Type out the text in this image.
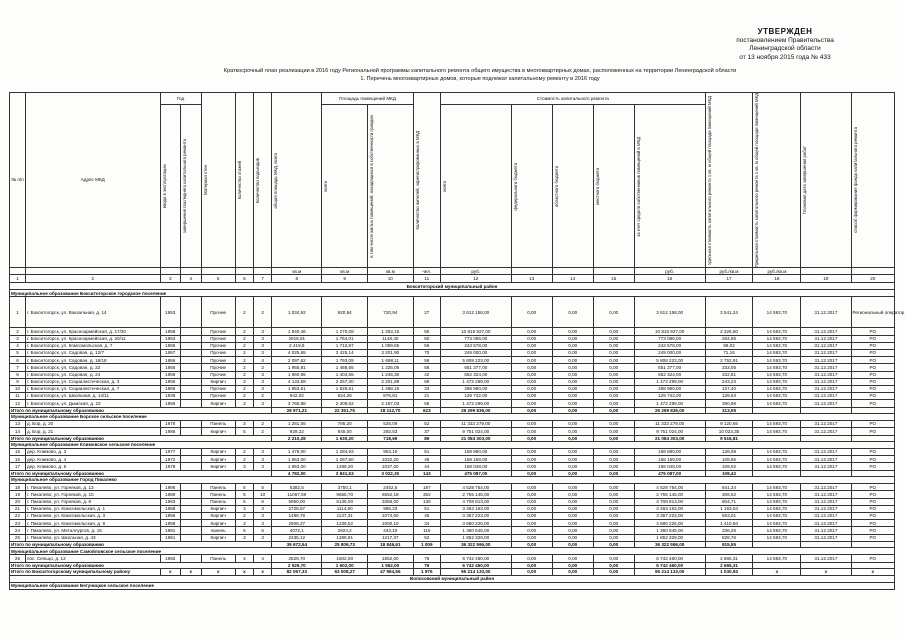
УТВЕРЖДЕН
постановлением Правительства
Ленинградской области
от 13 ноября 2015 года № 433
Краткосрочный план реализации в 2016 году Региональной программы капитального ремонта общего имущества в многоквартирных домах, расположенных на территории Ленинградской области
1. Перечень многоквартирных домов, которые подлежат капитальному ремонту в 2016 году
№ п/п	Адрес МКД	Год		Материал стен	Количество этажей	Количество подъездов	общая площадь МКД, всего	Площадь помещений МКД		Количество жителей, зарегистрированных в МКД	Стоимость капитального ремонта					Удельная стоимость капитального ремонта 1 кв. м общей площади помещений МКД	Предельная стоимость капитального ремонта 1 кв. м общей площади помещений МКД	Плановая дата завершения работ	способ формирования фонда капитального ремонта

		ввода в эксплуатацию	завершения последнего капитального ремонта					всего	в том числе жилых помещений, находящихся в собственности граждан		всего	федерального бюджета	областного бюджета	местного бюджета	за счет средств собственников помещений в МКД				

							кв.м	кв.м	кв.м	чел.	руб.				руб.	руб./кв.м	руб./кв.м		
1	2	3	4	5	6	7	8	9	10	11	12	13	14	15	16	17	18	19	20
Бокситогорский муниципальный район																			
Муниципальное образование Бокситогорское городское поселение																			
1	г. Бокситогорск, ул. Вокзальная, д. 14	1953		Прочие	2	2	1 034,92	920,94	720,94	27	3 612 158,00	0,00	0,00	0,00	3 612 158,00	3 541,24	14 593,70	31.12.2017	Региональный оператор
2	г. Бокситогорск, ул. Красноармейская, д. 17/20	1958		Прочие	2	3	1 840,46	1 270,09	1 253,15	50	10 816 927,00	0,00	0,00	0,00	10 816 927,00	2 326,50	14 593,70	31.12.2017	РО
3	г. Бокситогорск, ул. Красноармейская, д. 20/11	1953		Прочие	2	3	2918,81	1 764,01	1148,40	50	773 096,00	0,00	0,00	0,00	773 096,00	264,56	14 593,70	31.12.2017	РО
4	г. Бокситогорск, ул. Комсомольская, д. 7	1956		Прочие	2	3	2 419,8	1 712,87	1 099,65	56	243 578,00	0,00	0,00	0,00	243 578,00	99,02	14 593,70	31.12.2017	РО
5	г. Бокситогорск, ул. Садовая, д. 12/7	1957		Прочие	2	3	4 025,65	3 425,14	3 201,90	70	249 000,00	0,00	0,00	0,00	249 000,00	71,16	14 593,70	31.12.2017	РО
6	г. Бокситогорск, ул. Садовая, д. 16/18	1956		Прочие	2	4	2 097,62	1 793,09	1 698,11	59	5 808 223,00	0,00	0,00	0,00	5 808 223,00	2 752,91	14 593,70	31.12.2017	РО
7	г. Бокситогорск, ул. Садовая, д. 22	1955		Прочие	2	2	1 955,81	1 488,65	1 225,06	58	651 377,00	0,00	0,00	0,00	651 377,00	333,05	14 593,70	31.12.2017	РО
8	г. Бокситогорск, ул. Садовая, д. 24	1959		Прочие	2	3	1 960,95	1 404,65	1 246,30	42	652 324,00	0,00	0,00	0,00	652 324,00	332,81	14 593,70	31.12.2017	РО
9	г. Бокситогорск, ул. Социалистическая, д. 3	1956		Кирпич	3	3	4 133,89	2 267,30	2 201,89	89	1 472 299,00	0,00	0,00	0,00	1 472 299,00	243,23	14 593,70	31.12.2017	РО
10	г. Бокситогорск, ул. Социалистическая, д. 7	1966		Прочие	2	3	1 953,61	1 526,61	1 468,15	33	268 960,00	0,00	0,00	0,00	268 960,00	137,40	14 593,70	31.12.2017	РО
11	г. Бокситогорск, ул. Школьная, д. 14/11	1939		Прочие	2	2	942,02	924,26	876,81	21	129 742,00	0,00	0,00	0,00	129 742,00	139,63	14 593,70	31.12.2017	РО
12	г. Бокситогорск, ул. Дымская, д. 23	1959		Кирпич	3	3	3 765,88	2 309,62	2 187,03	68	1 472 299,00	0,00	0,00	0,00	1 472 299,00	390,96	14 593,70	31.12.2017	РО
Итого по муниципальному образованию							28 971,21	22 351,75	18 112,70	623	26 299 836,00	0,00	0,00	0,00	26 299 836,00	313,05			
Муниципальное образование Борское сельское поселение																			
13	д. Бор, д. 20	1976		Панель	3	2	1 281,06	785,20	525,09	52	11 333 279,00	0,00	0,00	0,00	11 333 279,00	9 120,65	14 593,70	31.12.2017	РО
14	д. Бор, д. 21	1986		Кирпич	5	2	929,22	845,00	292,53	37	9 751 024,00	0,00	0,00	0,00	9 751 024,00	10 023,35	14 593,70	31.12.2017	РО
Итого по муниципальному образованию							2 210,28	1 630,20	718,69	89	21 084 303,00	0,00	0,00	0,00	21 084 303,00	9 516,81			
Муниципальное образование Климовское сельское поселение																			
15	дер. Климово, д. 3	1977		Кирпич	2	3	1 476,00	1 284,93	953,10	51	158 880,00	0,00	0,00	0,00	158 880,00	138,08	14 593,70	31.12.2017	РО
16	дер. Климово, д. 4	1972		Кирпич	2	3	1 653,00	1 267,50	1032,20	48	158 159,00	0,00	0,00	0,00	158 159,00	108,55	14 593,70	31.12.2017	РО
17	дер. Климово, д. 5	1978		Кирпич	3	3	1 653,00	1289,20	1037,00	44	158 048,00	0,00	0,00	0,00	158 048,00	109,02	14 593,70	31.12.2017	РО
Итого по муниципальному образованию							4 782,00	3 841,63	3 022,30	143	475 087,00	0,00	0,00	0,00	475 087,00	108,42			
Муниципальное образование Город Пикалево																			
18	г. Пикалево, ул. Горняков, д. 13	1986		Панель	5	5	5382,5	3750,1	2452,5	187	4 528 754,00	0,00	0,00	0,00	4 528 754,00	841,34	14 593,70	31.12.2017	РО
19	г. Пикалево, ул. Горняков, д. 10	1989		Панель	5	10	11067,59	9655,70	6552,18	352	2 755 145,00	0,00	0,00	0,00	2 755 145,00	309,52	14 593,70	31.12.2017	РО
20	г. Пикалево, ул. Горняков, д. 8	1963		Панель	5	6	5950,00	5136,00	3356,00	136	4 708 813,00	0,00	0,00	0,00	4 708 813,00	804,71	14 593,70	31.12.2017	РО
21	г. Пикалево, ул. Комсомольская, д. 1	1958		Кирпич	3	3	2728,57	1114,90	986,23	51	3 463 163,00	0,00	0,00	0,00	3 463 163,00	1 153,04	14 593,70	31.12.2017	РО
22	г. Пикалево, ул. Комсомольская, д. 3	1956		Кирпич	2	3	1488,78	1137,31	1074,60	45	3 357 223,00	0,00	0,00	0,00	3 357 223,00	563,01	14 593,70	31.12.2017	РО
23	г. Пикалево, ул. Комсомольская, д. 9	1958		Кирпич	3	3	2608,37	1239,52	1000,10	34	3 680 226,00	0,00	0,00	0,00	3 680 226,00	1 410,94	14 593,70	31.12.2017	РО
24	г. Пикалево, ул. Металлургов, д. 15	1981		панель	5	6	4072,1	2824,2	443,10	115	1 360 645,00	0,00	0,00	0,00	1 360 645,00	336,25	14 593,70	31.12.2017	РО
25	г. Пикалево, ул. Школьная, д. 43	1961		Кирпич	3	3	2235,12	1289,91	1217,37	52	1 852 329,00	0,00	0,00	0,00	1 852 329,00	828,76	14 593,70	31.12.2017	РО
Итого по муниципальному образованию							39 672,54	25 809,73	18 846,61	1 009	36 322 596,00	0,00	0,00	0,00	36 322 596,00	915,55			
Муниципальное образование Самойловское сельское поселение																			
26	пос. Сельцо, д. 12	1992		Панель	4	4	2529,70	1602,00	1552,00	76	6 742 460,00	0,00	0,00	0,00	6 742 460,00	2 665,31	14 593,70	31.12.2017	РО
Итого по муниципальному образованию							2 529,70	1 602,00	1 552,00	76	6 742 460,00	0,00	0,00	0,00	6 742 460,00	2 665,31			
Итого по Бокситогорскому муниципальному району		х	х	х	х	х	82 057,33	63 508,27	47 984,56	1 976	95 214 133,00	0,00	0,00	0,00	95 214 133,00	1 030,93	х	х	х
Волосовский муниципальный район																			
Муниципальное образование Бегуницкое сельское поселение																			
